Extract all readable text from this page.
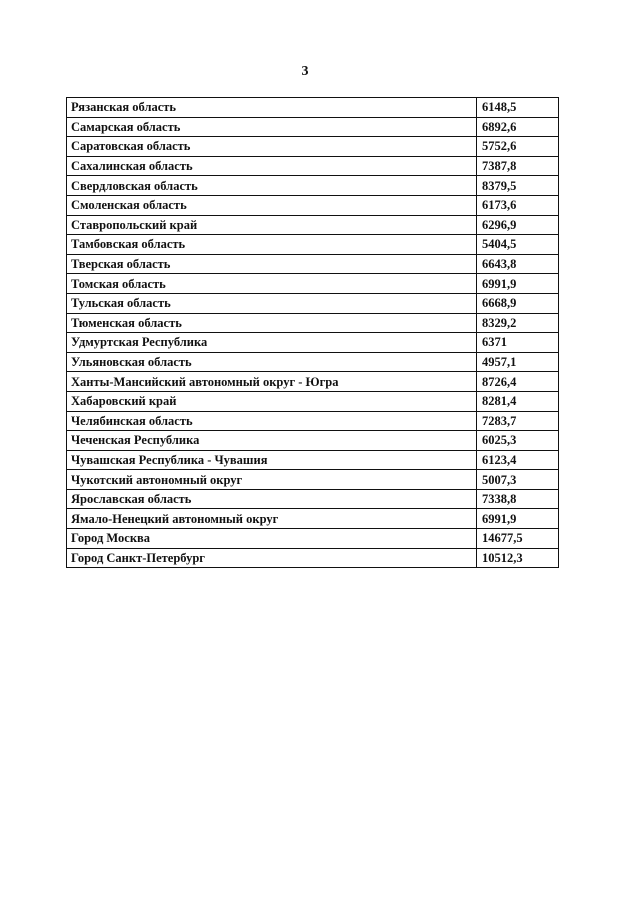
3
Рязанская область	6148,5
Самарская область	6892,6
Саратовская область	5752,6
Сахалинская область	7387,8
Свердловская область	8379,5
Смоленская область	6173,6
Ставропольский край	6296,9
Тамбовская область	5404,5
Тверская область	6643,8
Томская область	6991,9
Тульская область	6668,9
Тюменская область	8329,2
Удмуртская Республика	6371
Ульяновская область	4957,1
Ханты-Мансийский автономный округ - Югра	8726,4
Хабаровский край	8281,4
Челябинская область	7283,7
Чеченская Республика	6025,3
Чувашская Республика - Чувашия	6123,4
Чукотский автономный округ	5007,3
Ярославская область	7338,8
Ямало-Ненецкий автономный округ	6991,9
Город Москва	14677,5
Город Санкт-Петербург	10512,3
